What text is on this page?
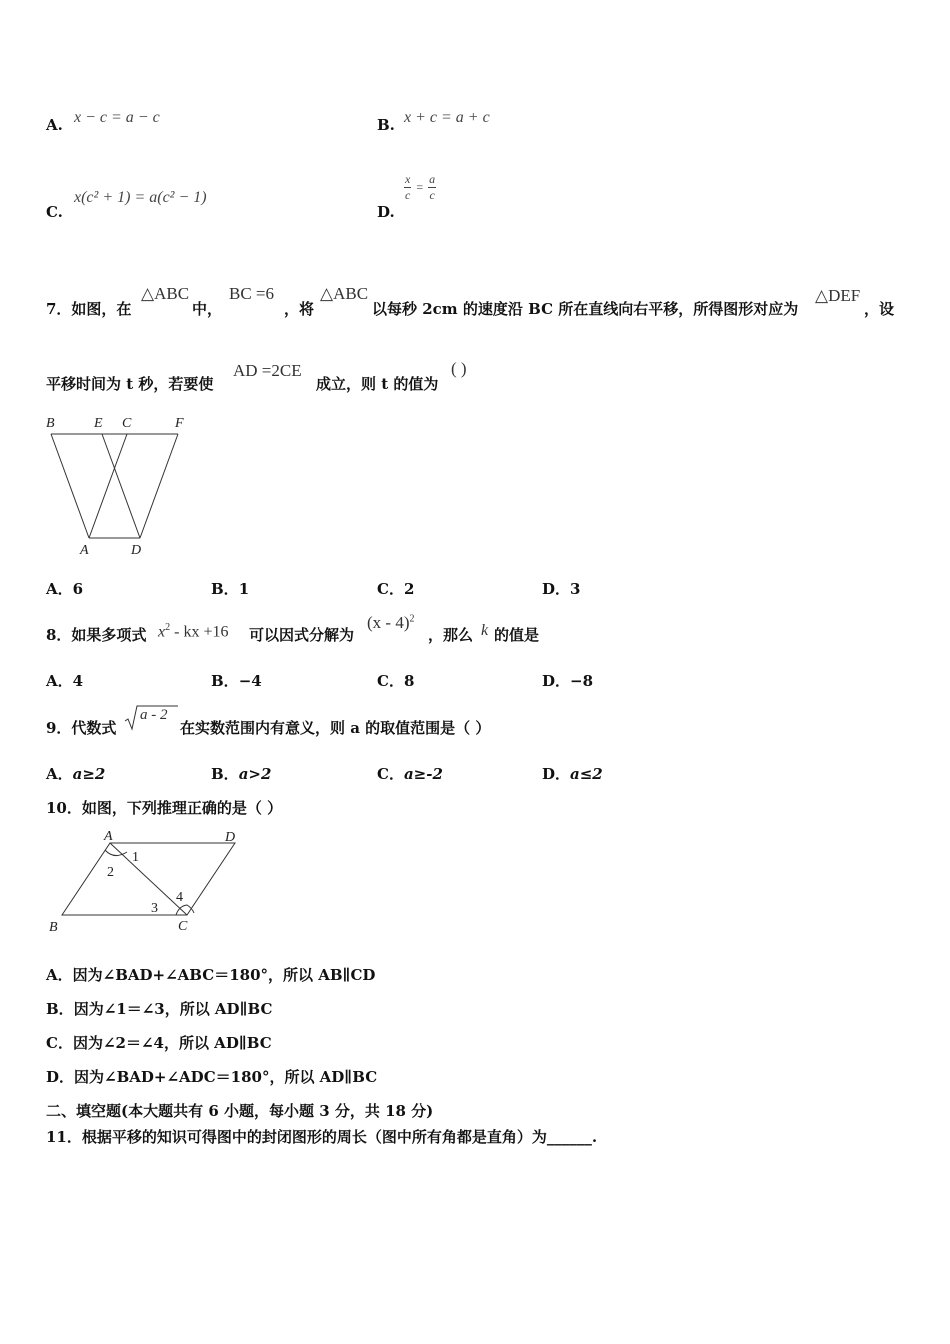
A. x − c = a − c	B. x + c = a + c
C.
x(c² + 1) = a(c² − 1)
D.
$\frac{x}{c} = \frac{a}{c}$
7．如图，在
△ABC
中，
BC =6
，将
△ABC
以每秒 2cm 的速度沿 BC 所在直线向右平移，所得图形对应为
△DEF
，设
平移时间为 t 秒，若要使
AD =2CE
成立，则 t 的值为
( )
B	E C	F
A	D
A．6	B．1	C．2	D．3
8．如果多项式 $x^2$ - kx +16 可以因式分解为
(x - 4)$^2$
，那么 k 的值是
A．4	B．−4	C．8	D．−8
9．代数式
a - 2
在实数范围内有意义，则 a 的取值范围是（ ）
A．a≥2	B．a>2	C．a≥-2	D．a≤2
10．如图，下列推理正确的是（ ）
A	D
B	C
1
2
3
4
A．因为∠BAD+∠ABC＝180°，所以 AB∥CD
B．因为∠1＝∠3，所以 AD∥BC
C．因为∠2＝∠4，所以 AD∥BC
D．因为∠BAD+∠ADC＝180°，所以 AD∥BC
二、填空题(本大题共有 6 小题，每小题 3 分，共 18 分)
11．根据平移的知识可得图中的封闭图形的周长（图中所有角都是直角）为______.
